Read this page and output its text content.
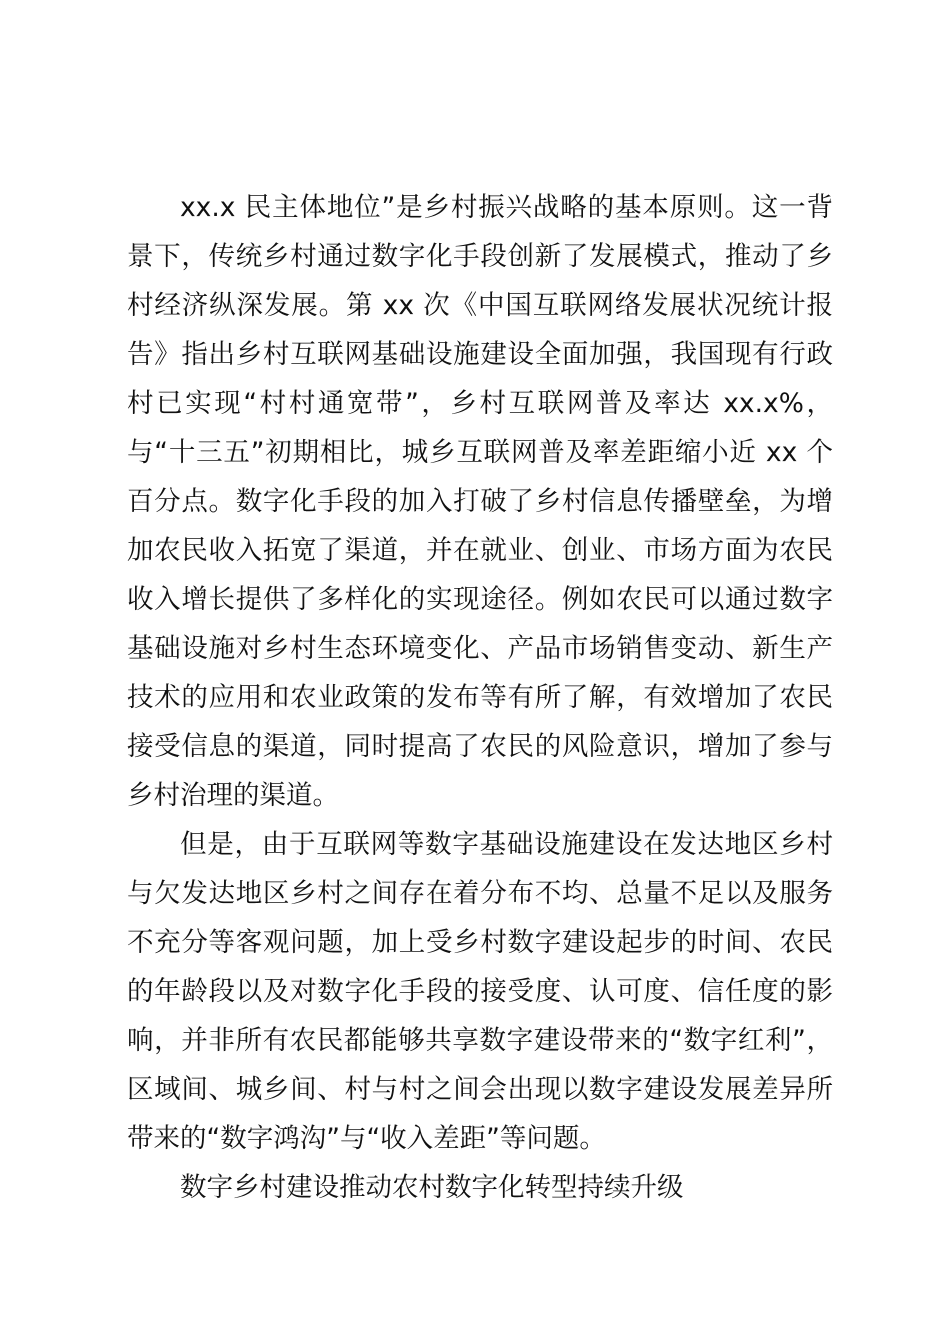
xx.x 民主体地位”是乡村振兴战略的基本原则。这一背景下，传统乡村通过数字化手段创新了发展模式，推动了乡村经济纵深发展。第 xx 次《中国互联网络发展状况统计报告》指出乡村互联网基础设施建设全面加强，我国现有行政村已实现“村村通宽带”，乡村互联网普及率达 xx.x%，与“十三五”初期相比，城乡互联网普及率差距缩小近 xx 个百分点。数字化手段的加入打破了乡村信息传播壁垒，为增加农民收入拓宽了渠道，并在就业、创业、市场方面为农民收入增长提供了多样化的实现途径。例如农民可以通过数字基础设施对乡村生态环境变化、产品市场销售变动、新生产技术的应用和农业政策的发布等有所了解，有效增加了农民接受信息的渠道，同时提高了农民的风险意识，增加了参与乡村治理的渠道。

但是，由于互联网等数字基础设施建设在发达地区乡村与欠发达地区乡村之间存在着分布不均、总量不足以及服务不充分等客观问题，加上受乡村数字建设起步的时间、农民的年龄段以及对数字化手段的接受度、认可度、信任度的影响，并非所有农民都能够共享数字建设带来的“数字红利”，区域间、城乡间、村与村之间会出现以数字建设发展差异所带来的“数字鸿沟”与“收入差距”等问题。

数字乡村建设推动农村数字化转型持续升级
